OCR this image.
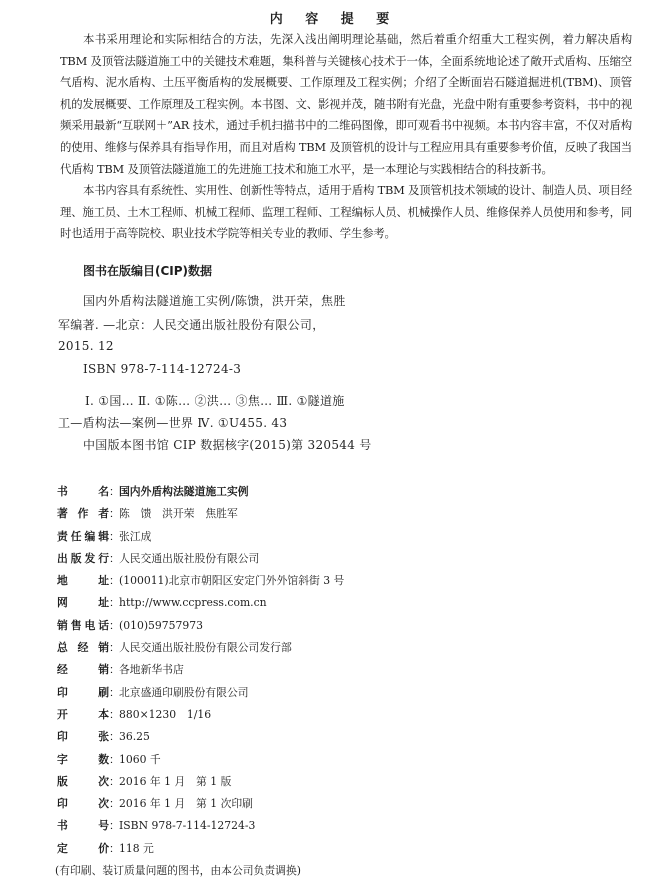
内 容 提 要

本书采用理论和实际相结合的方法，先深入浅出阐明理论基础，然后着重介绍重大工程实例，着力解决盾构 TBM 及顶管法隧道施工中的关键技术难题，集科普与关键核心技术于一体，全面系统地论述了敞开式盾构、压缩空气盾构、泥水盾构、土压平衡盾构的发展概要、工作原理及工程实例；介绍了全断面岩石隧道掘进机(TBM)、顶管机的发展概要、工作原理及工程实例。本书图、文、影视并茂，随书附有光盘，光盘中附有重要参考资料，书中的视频采用最新“互联网＋”AR 技术，通过手机扫描书中的二维码图像，即可观看书中视频。本书内容丰富，不仅对盾构的使用、维修与保养具有指导作用，而且对盾构 TBM 及顶管机的设计与工程应用具有重要参考价值，反映了我国当代盾构 TBM 及顶管法隧道施工的先进施工技术和施工水平，是一本理论与实践相结合的科技新书。

本书内容具有系统性、实用性、创新性等特点，适用于盾构 TBM 及顶管机技术领域的设计、制造人员、项目经理、施工员、土木工程师、机械工程师、监理工程师、工程编标人员、机械操作人员、维修保养人员使用和参考，同时也适用于高等院校、职业技术学院等相关专业的教师、学生参考。

图书在版编目(CIP)数据
国内外盾构法隧道施工实例/陈馈，洪开荣，焦胜
军编著. —北京：人民交通出版社股份有限公司，
2015. 12
ISBN 978-7-114-12724-3
Ⅰ. ①国… Ⅱ. ①陈… ②洪… ③焦… Ⅲ. ①隧道施
工—盾构法—案例—世界 Ⅳ. ①U455. 43
中国版本图书馆 CIP 数据核字(2015)第 320544 号
书　名：国内外盾构法隧道施工实例
著作者：陈　馈　洪开荣　焦胜军
责任编辑：张江成
出版发行：人民交通出版社股份有限公司
地　址：(100011)北京市朝阳区安定门外外馆斜街 3 号
网　址：http://www.ccpress.com.cn
销售电话：(010)59757973
总经销：人民交通出版社股份有限公司发行部
经　销：各地新华书店
印　刷：北京盛通印刷股份有限公司
开　本：880×1230　1/16
印　张：36.25
字　数：1060 千
版　次：2016 年 1 月　第 1 版
印　次：2016 年 1 月　第 1 次印刷
书　号：ISBN 978-7-114-12724-3
定　价：118 元
(有印刷、装订质量问题的图书，由本公司负责调换)
